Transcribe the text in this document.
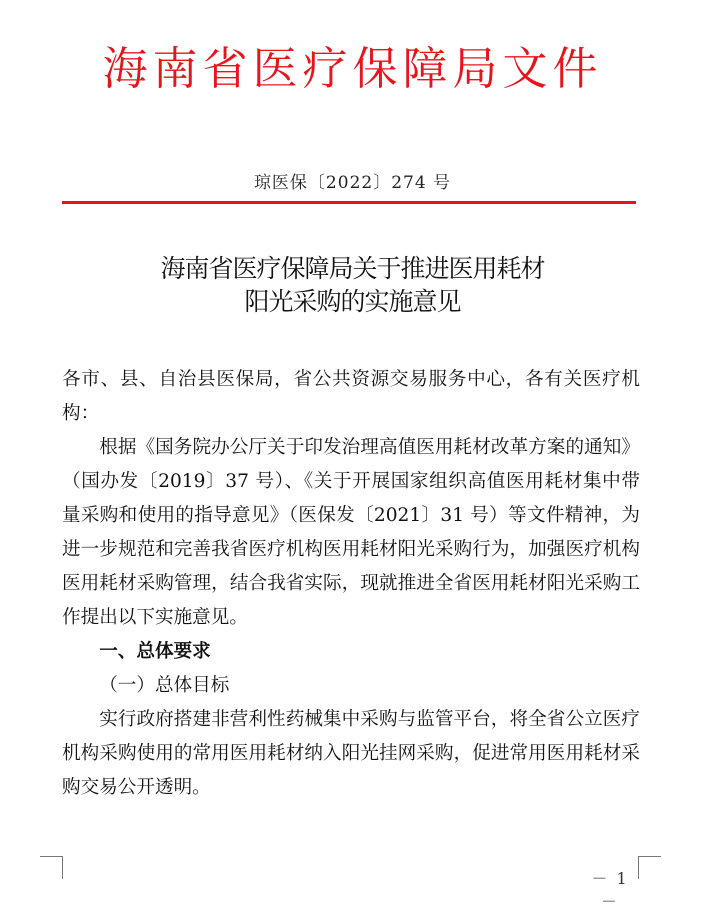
海南省医疗保障局文件
琼医保〔2022〕274 号
海南省医疗保障局关于推进医用耗材
阳光采购的实施意见

各市、县、自治县医保局，省公共资源交易服务中心，各有关医疗机构：

根据《国务院办公厅关于印发治理高值医用耗材改革方案的通知》（国办发〔2019〕37 号）、《关于开展国家组织高值医用耗材集中带量采购和使用的指导意见》（医保发〔2021〕31 号）等文件精神，为进一步规范和完善我省医疗机构医用耗材阳光采购行为，加强医疗机构医用耗材采购管理，结合我省实际，现就推进全省医用耗材阳光采购工作提出以下实施意见。

一、总体要求

（一）总体目标

实行政府搭建非营利性药械集中采购与监管平台，将全省公立医疗机构采购使用的常用医用耗材纳入阳光挂网采购，促进常用医用耗材采购交易公开透明。

－ 1 －
